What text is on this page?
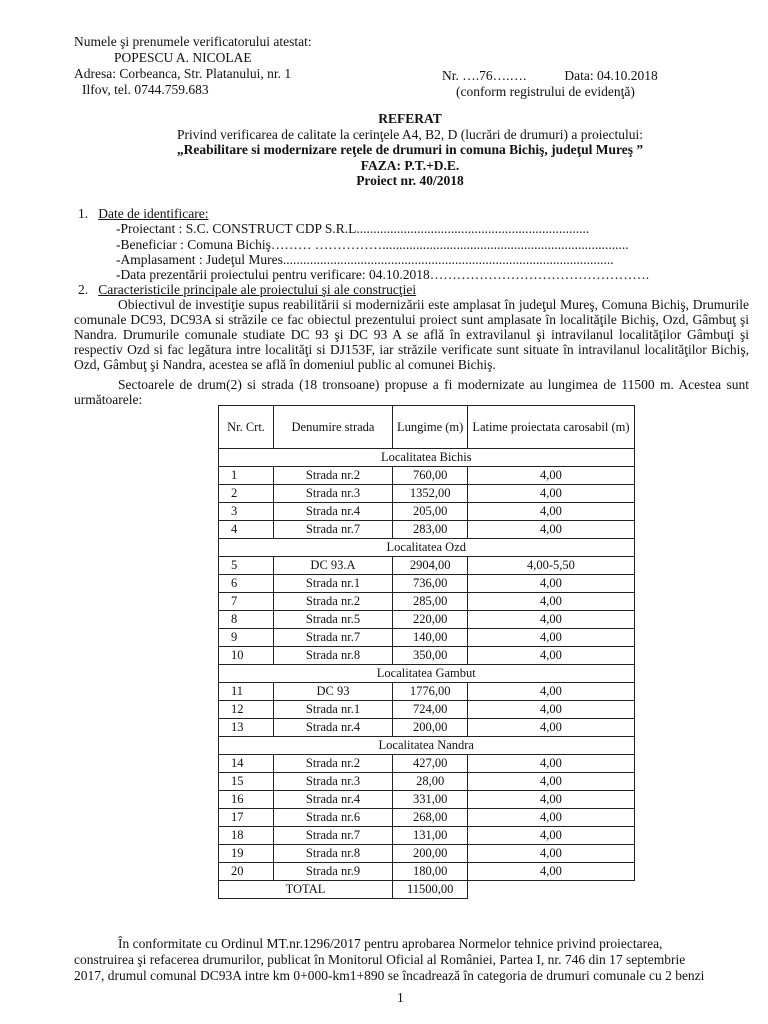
Numele şi prenumele verificatorului atestat:
POPESCU A. NICOLAE
Adresa: Corbeanca, Str. Platanului, nr. 1
Ilfov, tel. 0744.759.683
Nr. ….76….….	Data: 04.10.2018
(conform registrului de evidenţă)
REFERAT
Privind verificarea de calitate la cerinţele A4, B2, D (lucrări de drumuri) a proiectului:
„Reabilitare si modernizare reţele de drumuri in comuna Bichiş, judeţul Mureş ”
FAZA: P.T.+D.E.
Proiect nr. 40/2018
1. Date de identificare:
-Proiectant : S.C. CONSTRUCT CDP S.R.L.....................................................................
-Beneficiar : Comuna Bichiş……… …………….........................................................................
-Amplasament : Judeţul Mures..................................................................................................
-Data prezentării proiectului pentru verificare: 04.10.2018………………………………………….
2. Caracteristicile principale ale proiectului şi ale construcţiei
Obiectivul de investiţie supus reabilitării si modernizării este amplasat în judeţul Mureş, Comuna Bichiş, Drumurile comunale DC93, DC93A si străzile ce fac obiectul prezentului proiect sunt amplasate în localităţile Bichiş, Ozd, Gâmbuţ şi Nandra. Drumurile comunale studiate DC 93 şi DC 93 A se află în extravilanul şi intravilanul localităţilor Gâmbuţi şi respectiv Ozd si fac legătura intre localităţi si DJ153F, iar străzile verificate sunt situate în intravilanul localităţilor Bichiş, Ozd, Gâmbuţ şi Nandra, acestea se află în domeniul public al comunei Bichiş.
Sectoarele de drum(2) si strada (18 tronsoane) propuse a fi modernizate au lungimea de 11500 m. Acestea sunt următoarele:
Nr. Crt.	Denumire strada	Lungime (m)	Latime proiectata carosabil (m)
Localitatea Bichis			
1	Strada nr.2	760,00	4,00
2	Strada nr.3	1352,00	4,00
3	Strada nr.4	205,00	4,00
4	Strada nr.7	283,00	4,00
Localitatea Ozd			
5	DC 93.A	2904,00	4,00-5,50
6	Strada nr.1	736,00	4,00
7	Strada nr.2	285,00	4,00
8	Strada nr.5	220,00	4,00
9	Strada nr.7	140,00	4,00
10	Strada nr.8	350,00	4,00
Localitatea Gambut			
11	DC 93	1776,00	4,00
12	Strada nr.1	724,00	4,00
13	Strada nr.4	200,00	4,00
Localitatea Nandra			
14	Strada nr.2	427,00	4,00
15	Strada nr.3	28,00	4,00
16	Strada nr.4	331,00	4,00
17	Strada nr.6	268,00	4,00
18	Strada nr.7	131,00	4,00
19	Strada nr.8	200,00	4,00
20	Strada nr.9	180,00	4,00
TOTAL		11500,00	
În conformitate cu Ordinul MT.nr.1296/2017 pentru aprobarea Normelor tehnice privind proiectarea,
construirea şi refacerea drumurilor, publicat în Monitorul Oficial al României, Partea I, nr. 746 din 17 septembrie
2017, drumul comunal DC93A intre km 0+000-km1+890 se încadrează în categoria de drumuri comunale cu 2 benzi
1
